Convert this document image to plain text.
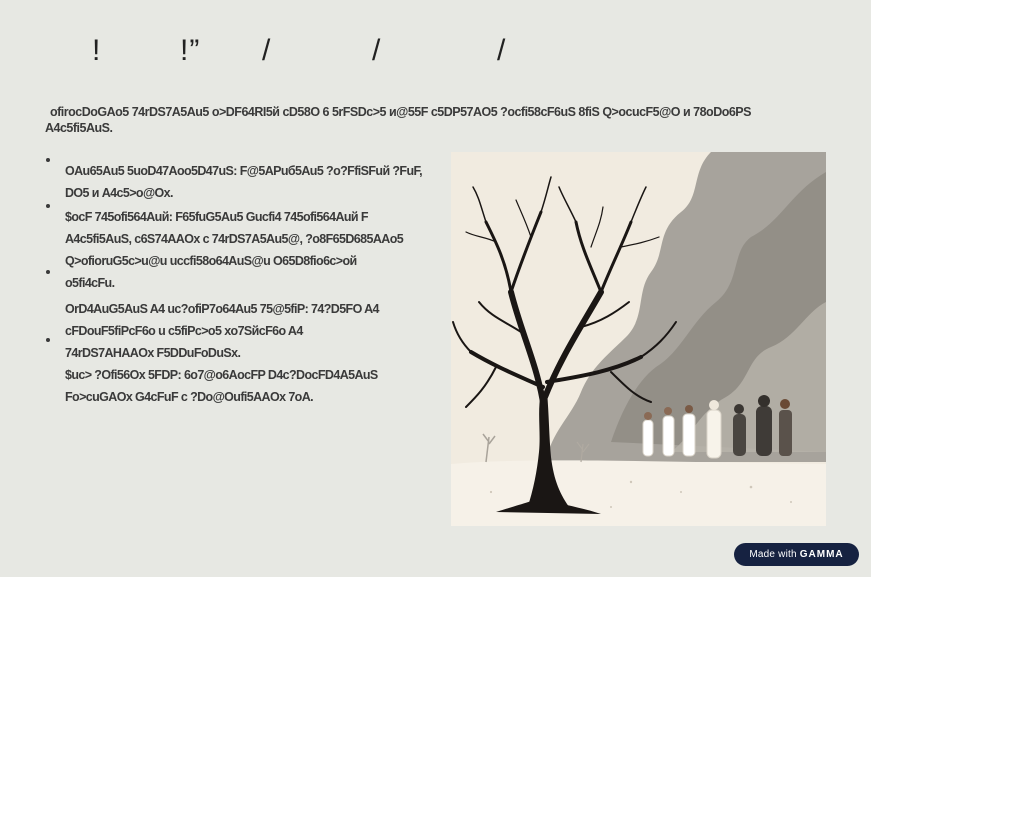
!	!” /	/	/
ofirocDoGAo5 74rDS7A5Au5 o>DF64RI5й cD58O 6 5rFSDc>5 и@55F c5DP57AO5 ?ocfi58cF6uS 8fiS Q>ocucF5@O и 78oDo6PS
A4c5fi5AuS.
OAu65Au5 5uoD47Aoo5D47uS: F@5APuб5Au5 ?o?FfiSFuй ?FuF,
DO5 и A4c5>o@Ox.
$ocF 745ofi564Auй: F65fuG5Au5 Gucfi4 745ofi564Auй F
A4c5fi5AuS, c6S74AAOx c 74rDS7A5Au5@, ?o8F65D685AAo5
Q>ofioruG5c>u@u uccfi58o64AuS@u O65D8fio6c>oй
o5fi4cFu.
OrD4AuG5AuS A4 uc?ofiP7o64Au5 75@5fiP: 74?D5FO A4
cFDouF5fiPcF6o u c5fiPc>o5 xo7SйcF6o A4
74rDS7AHAAOx F5DDuFoDuSx.
$uc> ?Ofi56Ox 5FDP: 6o7@o6AocFP D4c?DocFD4A5AuS
Fo>cuGAOx G4cFuF c ?Do@Oufi5AAOx 7oA.
Made with GAMMA
